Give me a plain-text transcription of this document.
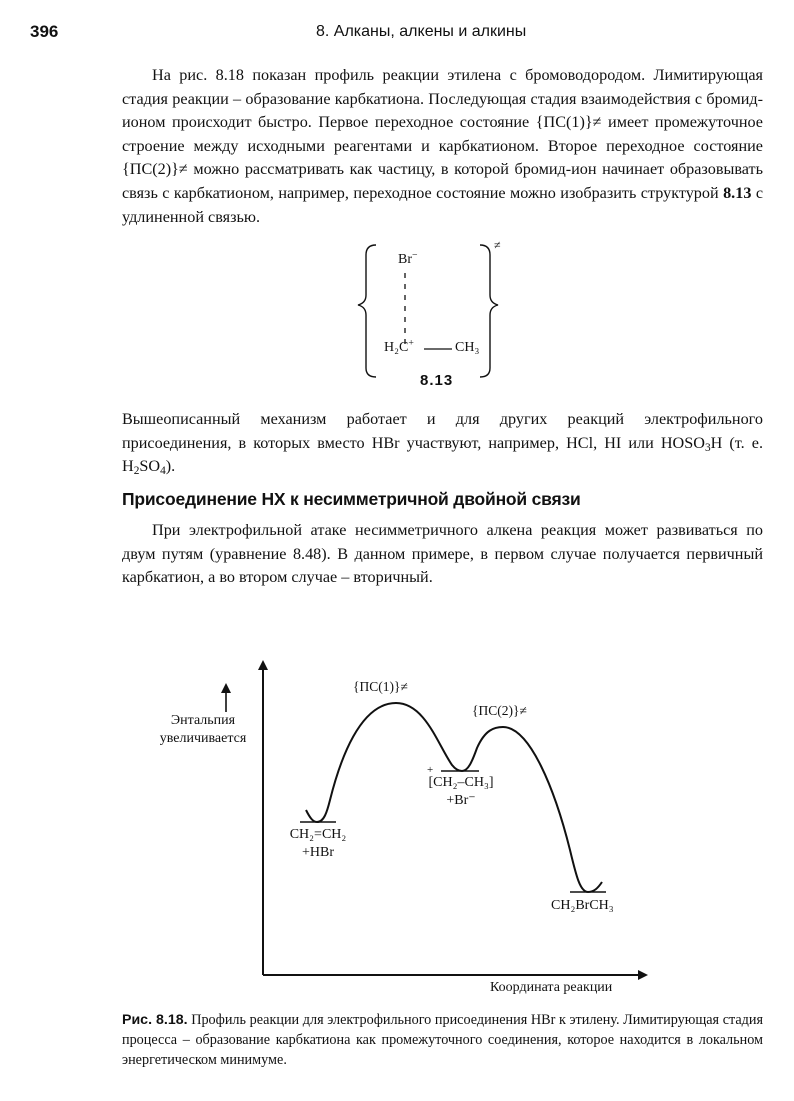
396	8. Алканы, алкены и алкины

На рис. 8.18 показан профиль реакции этилена с бромоводородом. Лимитирующая стадия реакции – образование карбкатиона. Последующая стадия взаимодействия с бромид-ионом происходит быстро. Первое переходное состояние {ПС(1)}≠ имеет промежуточное строение между исходными реагентами и карбкатионом. Второе переходное состояние {ПС(2)}≠ можно рассматривать как частицу, в которой бромид-ион начинает образовывать связь с карбкатионом, например, переходное состояние можно изобразить структурой 8.13 с удлиненной связью.

Br−
H₂C+	CH₃
≠
8.13

Вышеописанный механизм работает и для других реакций электрофильного присоединения, в которых вместо HBr участвуют, например, HCl, HI или $HOSO_3H$ (т. е. $H_2SO_4$).

Присоединение НХ к несимметричной двойной связи

При электрофильной атаке несимметричного алкена реакция может развиваться по двум путям (уравнение 8.48). В данном примере, в первом случае получается первичный карбкатион, а во втором случае – вторичный.

Энтальпия
увеличивается
{ПС(1)}≠
{ПС(2)}≠
CH₂=CH₂
+HBr
+
[CH₂–CH₃]
+Br⁻
CH₂BrCH₃
Координата реакции
Рис. 8.18. Профиль реакции для электрофильного присоединения HBr к этилену. Лимитирующая стадия процесса – образование карбкатиона как промежуточного соединения, которое находится в локальном энергетическом минимуме.
